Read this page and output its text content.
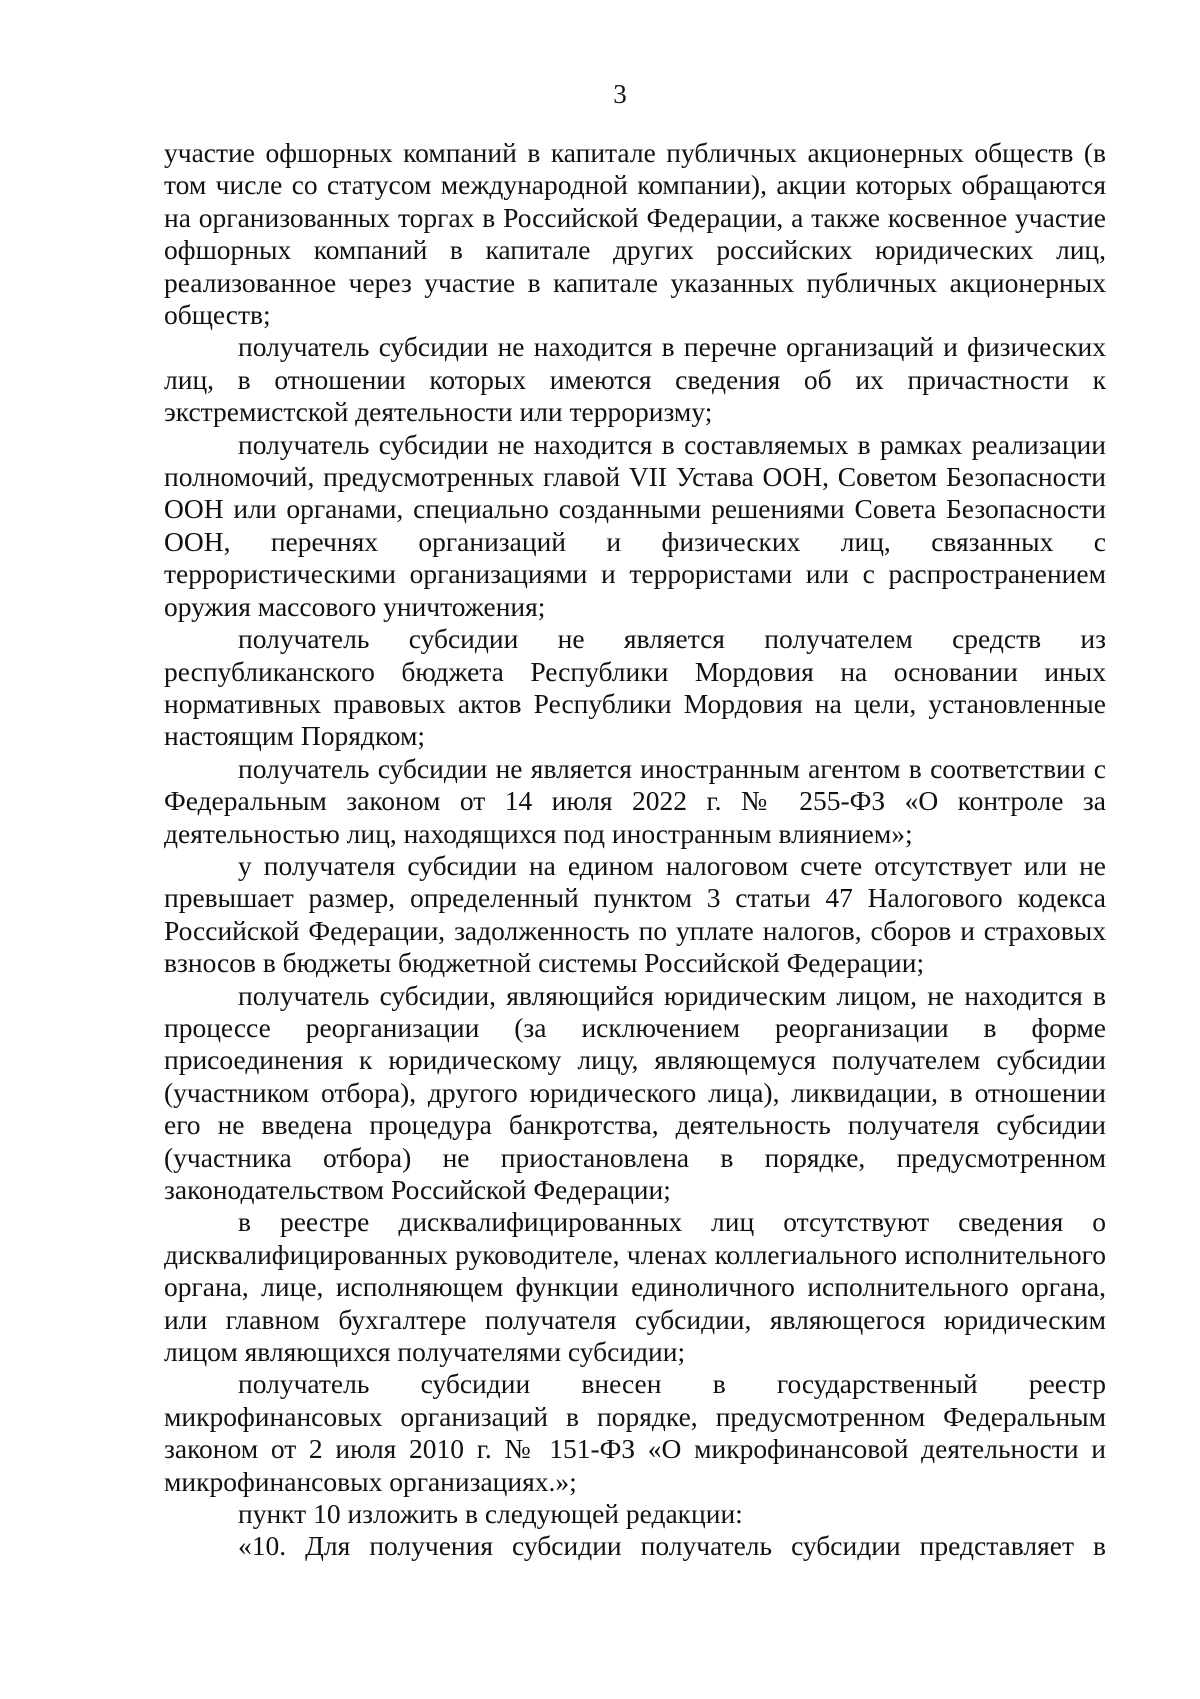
3

участие офшорных компаний в капитале публичных акционерных обществ (в том числе со статусом международной компании), акции которых обращаются на организованных торгах в Российской Федерации, а также косвенное участие офшорных компаний в капитале других российских юридических лиц, реализованное через участие в капитале указанных публичных акционерных обществ;

получатель субсидии не находится в перечне организаций и физических лиц, в отношении которых имеются сведения об их причастности к экстремистской деятельности или терроризму;

получатель субсидии не находится в составляемых в рамках реализации полномочий, предусмотренных главой VII Устава ООН, Советом Безопасности ООН или органами, специально созданными решениями Совета Безопасности ООН, перечнях организаций и физических лиц, связанных с террористическими организациями и террористами или с распространением оружия массового уничтожения;

получатель субсидии не является получателем средств из республиканского бюджета Республики Мордовия на основании иных нормативных правовых актов Республики Мордовия на цели, установленные настоящим Порядком;

получатель субсидии не является иностранным агентом в соответствии с Федеральным законом от 14 июля 2022 г. № 255-ФЗ «О контроле за деятельностью лиц, находящихся под иностранным влиянием»;

у получателя субсидии на едином налоговом счете отсутствует или не превышает размер, определенный пунктом 3 статьи 47 Налогового кодекса Российской Федерации, задолженность по уплате налогов, сборов и страховых взносов в бюджеты бюджетной системы Российской Федерации;

получатель субсидии, являющийся юридическим лицом, не находится в процессе реорганизации (за исключением реорганизации в форме присоединения к юридическому лицу, являющемуся получателем субсидии (участником отбора), другого юридического лица), ликвидации, в отношении его не введена процедура банкротства, деятельность получателя субсидии (участника отбора) не приостановлена в порядке, предусмотренном законодательством Российской Федерации;

в реестре дисквалифицированных лиц отсутствуют сведения о дисквалифицированных руководителе, членах коллегиального исполнительного органа, лице, исполняющем функции единоличного исполнительного органа, или главном бухгалтере получателя субсидии, являющегося юридическим лицом являющихся получателями субсидии;

получатель субсидии внесен в государственный реестр микрофинансовых организаций в порядке, предусмотренном Федеральным законом от 2 июля 2010 г. № 151-ФЗ «О микрофинансовой деятельности и микрофинансовых организациях.»;

пункт 10 изложить в следующей редакции:

«10. Для получения субсидии получатель субсидии представляет в
